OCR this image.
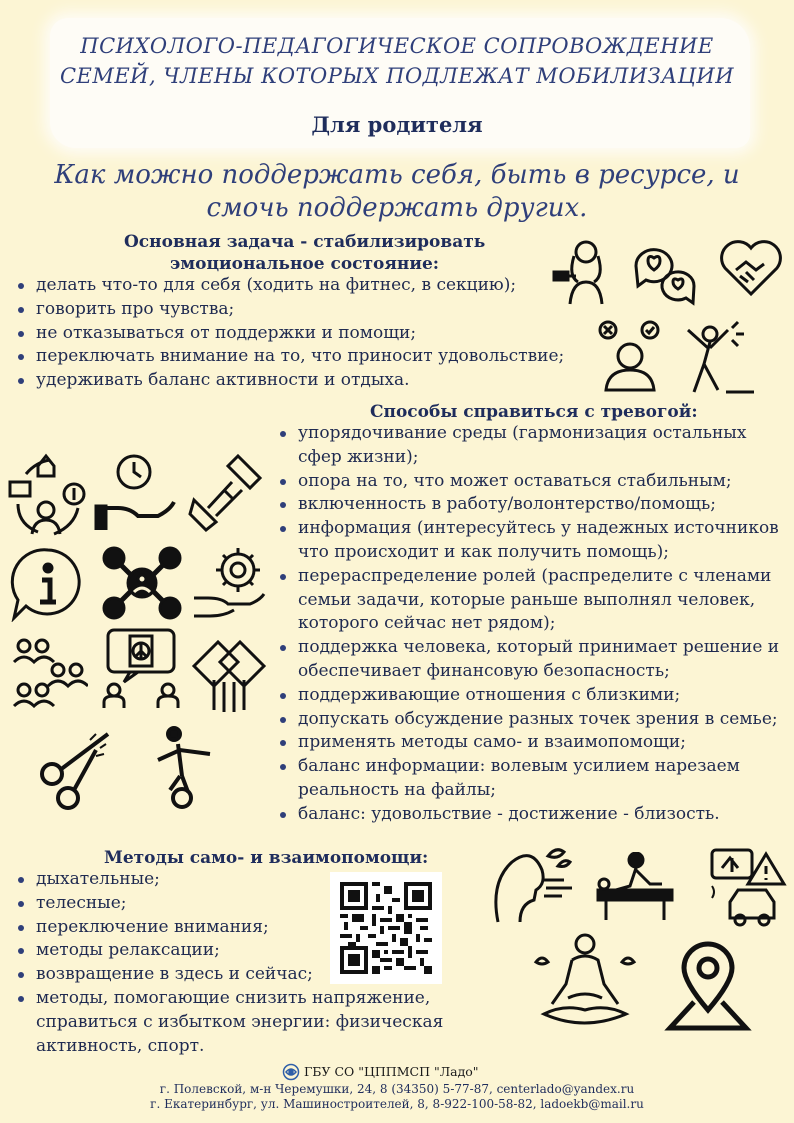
ПСИХОЛОГО-ПЕДАГОГИЧЕСКОЕ СОПРОВОЖДЕНИЕ
СЕМЕЙ, ЧЛЕНЫ КОТОРЫХ ПОДЛЕЖАТ МОБИЛИЗАЦИИ
Для родителя
Как можно поддержать себя, быть в ресурсе, и
смочь поддержать других.
Основная задача - стабилизировать
эмоциональное состояние:
делать что-то для себя (ходить на фитнес, в секцию);
говорить про чувства;
не отказываться от поддержки и помощи;
переключать внимание на то, что приносит удовольствие;
удерживать баланс активности и отдыха.
Способы справиться с тревогой:
упорядочивание среды (гармонизация остальных сфер жизни);
опора на то, что может оставаться стабильным;
включенность в работу/волонтерство/помощь;
информация (интересуйтесь у надежных источников что происходит и как получить помощь);
перераспределение ролей (распределите с членами семьи задачи, которые раньше выполнял человек, которого сейчас нет рядом);
поддержка человека, который принимает решение и обеспечивает финансовую безопасность;
поддерживающие отношения с близкими;
допускать обсуждение разных точек зрения в семье;
применять методы само- и взаимопомощи;
баланс информации: волевым усилием нарезаем реальность на файлы;
баланс: удовольствие - достижение - близость.
Методы само- и взаимопомощи:
дыхательные;
телесные;
переключение внимания;
методы релаксации;
возвращение в здесь и сейчас;
методы, помогающие снизить напряжение, справиться с избытком энергии: физическая активность, спорт.
ГБУ СО "ЦППМСП "Ладо"
г. Полевской, м-н Черемушки, 24, 8 (34350) 5-77-87, centerlado@yandex.ru
г. Екатеринбург, ул. Машиностроителей, 8, 8-922-100-58-82, ladoekb@mail.ru
